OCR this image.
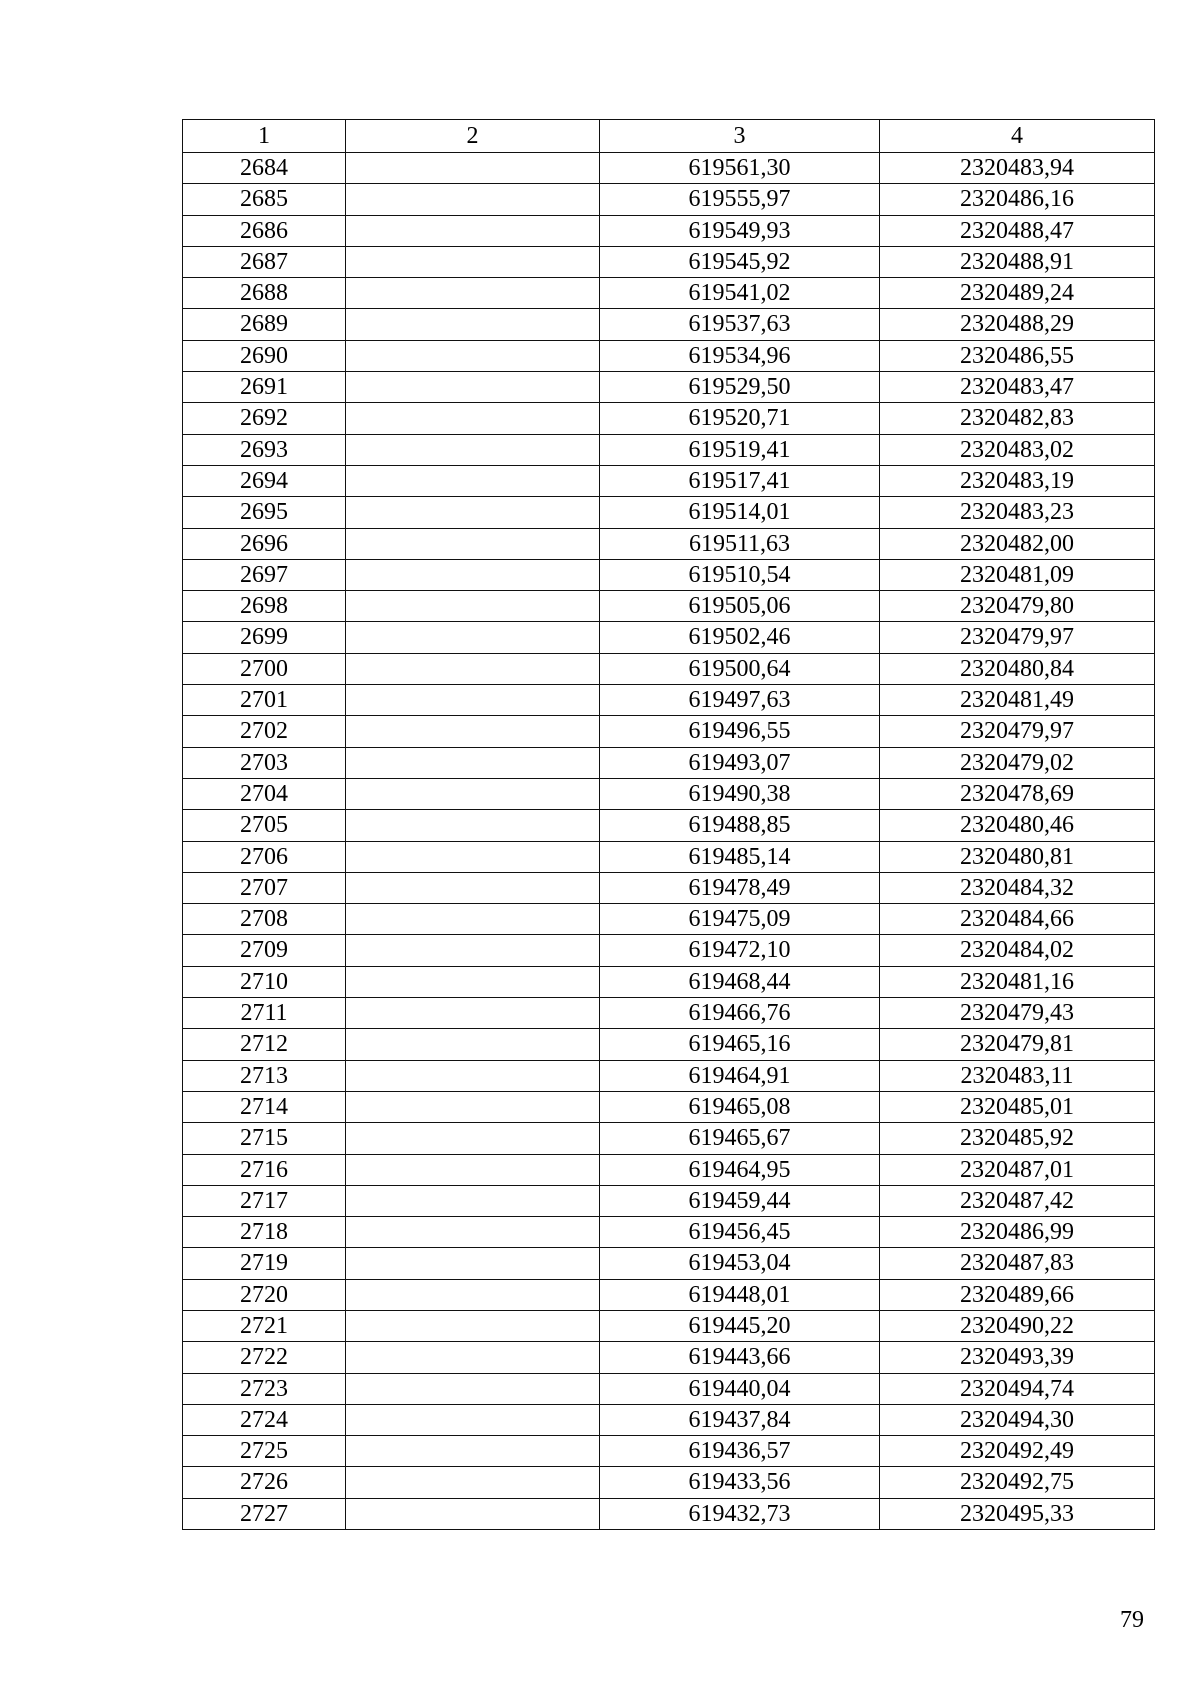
1	2	3	4
2684		619561,30	2320483,94
2685		619555,97	2320486,16
2686		619549,93	2320488,47
2687		619545,92	2320488,91
2688		619541,02	2320489,24
2689		619537,63	2320488,29
2690		619534,96	2320486,55
2691		619529,50	2320483,47
2692		619520,71	2320482,83
2693		619519,41	2320483,02
2694		619517,41	2320483,19
2695		619514,01	2320483,23
2696		619511,63	2320482,00
2697		619510,54	2320481,09
2698		619505,06	2320479,80
2699		619502,46	2320479,97
2700		619500,64	2320480,84
2701		619497,63	2320481,49
2702		619496,55	2320479,97
2703		619493,07	2320479,02
2704		619490,38	2320478,69
2705		619488,85	2320480,46
2706		619485,14	2320480,81
2707		619478,49	2320484,32
2708		619475,09	2320484,66
2709		619472,10	2320484,02
2710		619468,44	2320481,16
2711		619466,76	2320479,43
2712		619465,16	2320479,81
2713		619464,91	2320483,11
2714		619465,08	2320485,01
2715		619465,67	2320485,92
2716		619464,95	2320487,01
2717		619459,44	2320487,42
2718		619456,45	2320486,99
2719		619453,04	2320487,83
2720		619448,01	2320489,66
2721		619445,20	2320490,22
2722		619443,66	2320493,39
2723		619440,04	2320494,74
2724		619437,84	2320494,30
2725		619436,57	2320492,49
2726		619433,56	2320492,75
2727		619432,73	2320495,33
79
